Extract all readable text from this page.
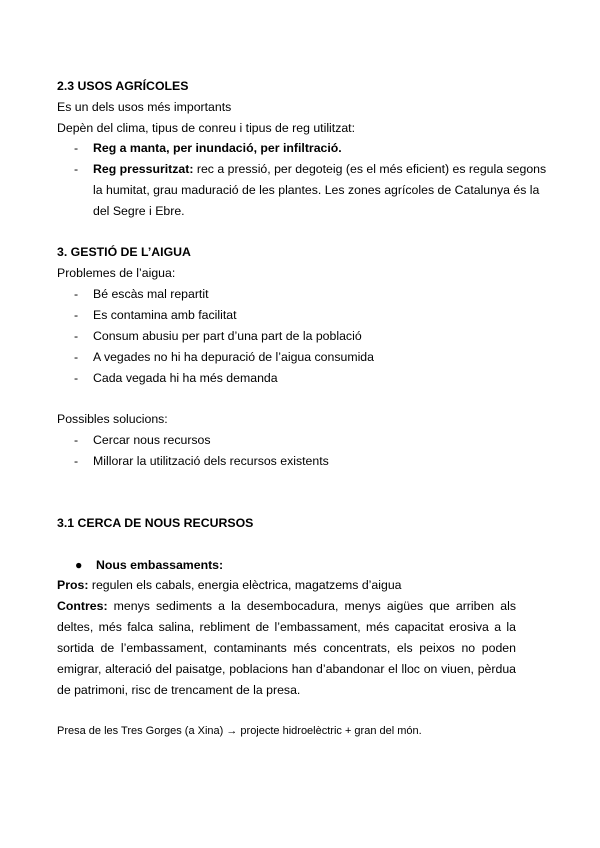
2.3 USOS AGRÍCOLES
Es un dels usos més importants
Depèn del clima, tipus de conreu i tipus de reg utilitzat:
- Reg a manta, per inundació, per infiltració.
- Reg pressuritzat: rec a pressió, per degoteig (es el més eficient) es regula segons
la humitat, grau maduració de les plantes. Les zones agrícoles de Catalunya és la
del Segre i Ebre.
3. GESTIÓ DE L’AIGUA
Problemes de l’aigua:
- Bé escàs mal repartit
- Es contamina amb facilitat
- Consum abusiu per part d’una part de la població
- A vegades no hi ha depuració de l’aigua consumida
- Cada vegada hi ha més demanda
Possibles solucions:
- Cercar nous recursos
- Millorar la utilització dels recursos existents
3.1 CERCA DE NOUS RECURSOS
● Nous embassaments:
Pros: regulen els cabals, energia elèctrica, magatzems d’aigua
Contres: menys sediments a la desembocadura, menys aigües que arriben als deltes, més falca salina, rebliment de l’embassament, més capacitat erosiva a la sortida de l’embassament, contaminants més concentrats, els peixos no poden emigrar, alteració del paisatge, poblacions han d’abandonar el lloc on viuen, pèrdua de patrimoni, risc de trencament de la presa.
Presa de les Tres Gorges (a Xina) → projecte hidroelèctric + gran del món.
